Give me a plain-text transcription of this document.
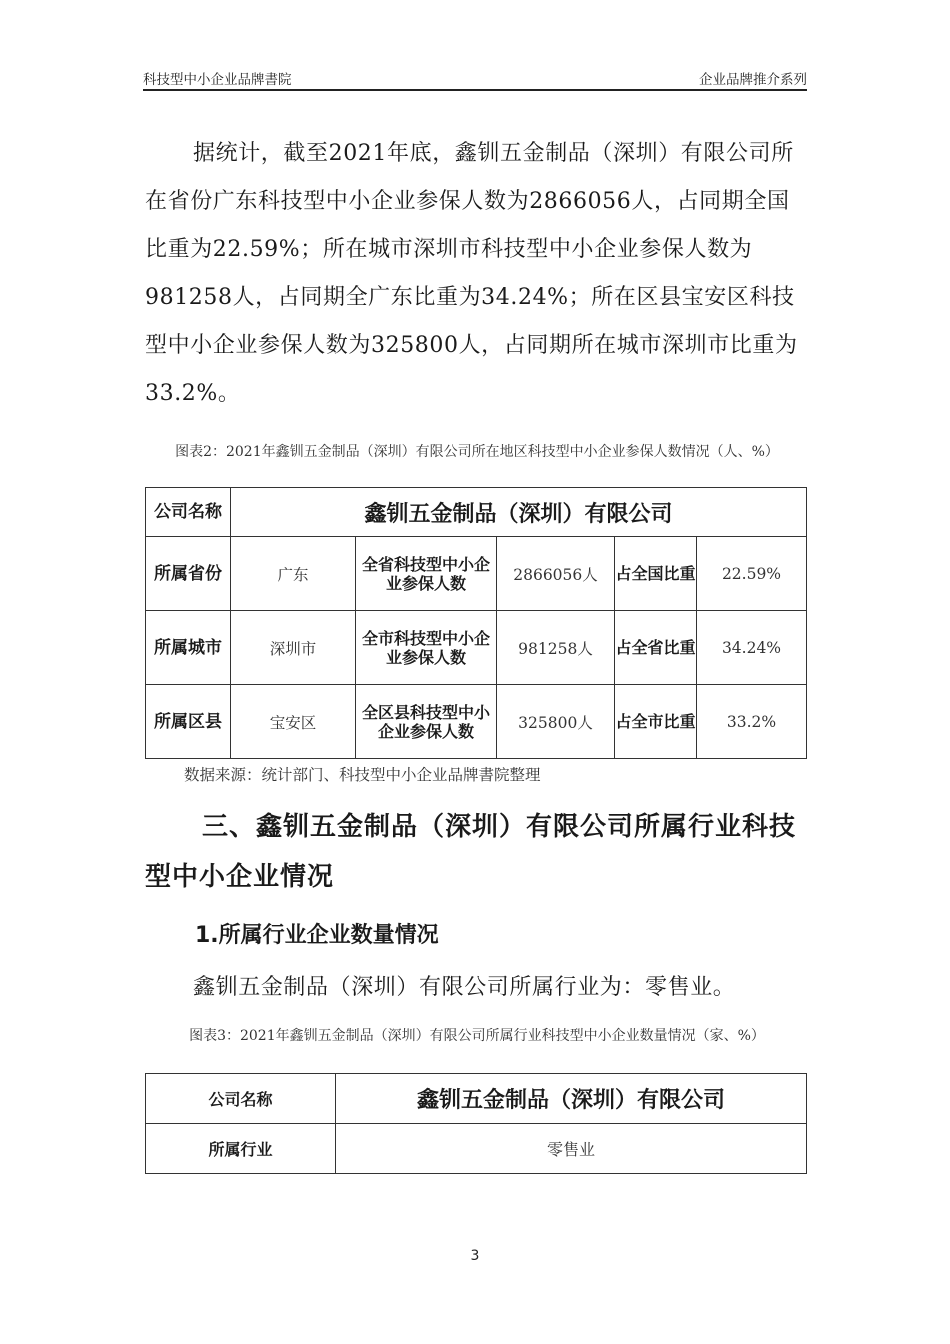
科技型中小企业品牌書院	企业品牌推介系列

据统计，截至2021年底，鑫钏五金制品（深圳）有限公司所在省份广东科技型中小企业参保人数为2866056人，占同期全国比重为22.59%；所在城市深圳市科技型中小企业参保人数为981258人，占同期全广东比重为34.24%；所在区县宝安区科技型中小企业参保人数为325800人，占同期所在城市深圳市比重为33.2%。

图表2：2021年鑫钏五金制品（深圳）有限公司所在地区科技型中小企业参保人数情况（人、%）
公司名称	鑫钏五金制品（深圳）有限公司				
所属省份	广东	全省科技型中小企业参保人数	2866056人	占全国比重	22.59%
所属城市	深圳市	全市科技型中小企业参保人数	981258人	占全省比重	34.24%
所属区县	宝安区	全区县科技型中小企业参保人数	325800人	占全市比重	33.2%
数据来源：统计部门、科技型中小企业品牌書院整理
三、鑫钏五金制品（深圳）有限公司所属行业科技型中小企业情况
1.所属行业企业数量情况

鑫钏五金制品（深圳）有限公司所属行业为：零售业。

图表3：2021年鑫钏五金制品（深圳）有限公司所属行业科技型中小企业数量情况（家、%）
公司名称	鑫钏五金制品（深圳）有限公司
所属行业	零售业
3
